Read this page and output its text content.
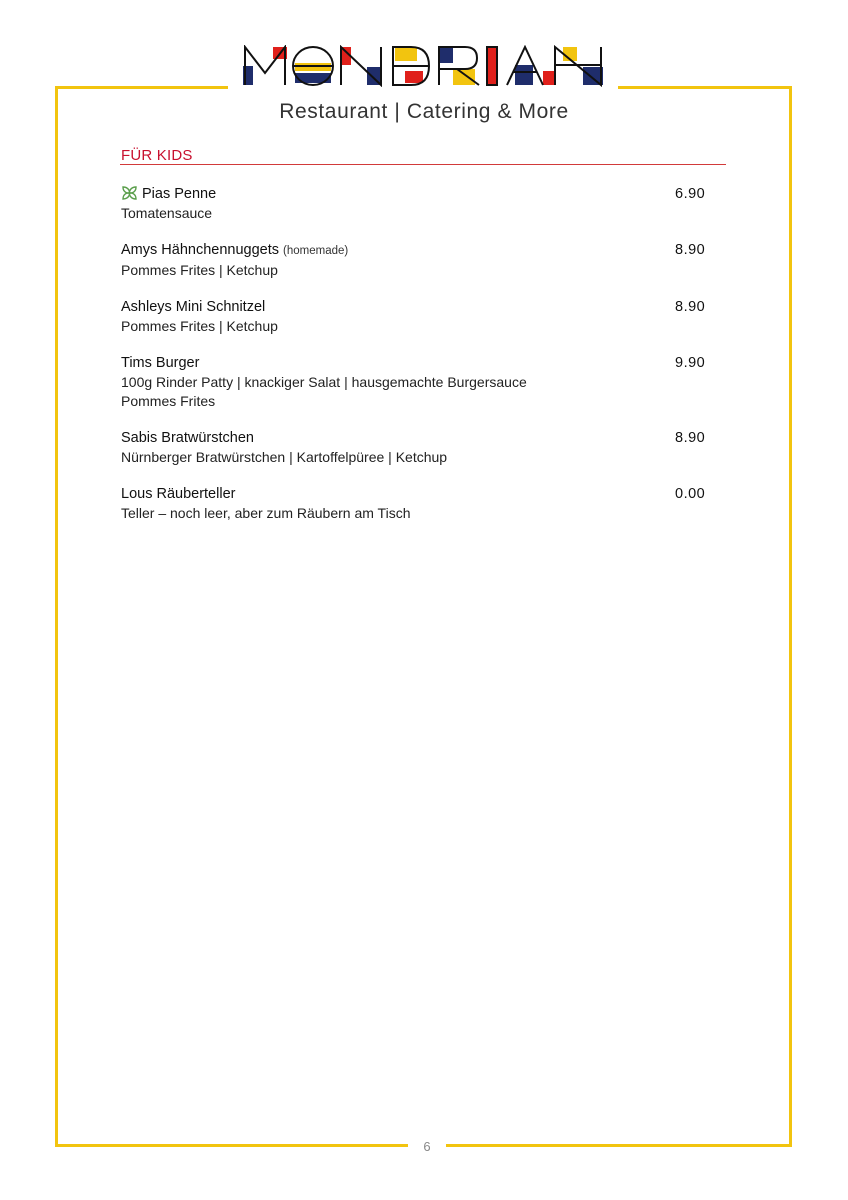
Restaurant | Catering & More
FÜR KIDS
Pias Penne
Tomatensauce
6.90
Amys Hähnchennuggets (homemade)
Pommes Frites | Ketchup
8.90
Ashleys Mini Schnitzel
Pommes Frites | Ketchup
8.90
Tims Burger
100g Rinder Patty | knackiger Salat | hausgemachte Burgersauce
Pommes Frites
9.90
Sabis Bratwürstchen
Nürnberger Bratwürstchen | Kartoffelpüree | Ketchup
8.90
Lous Räuberteller
Teller – noch leer, aber zum Räubern am Tisch
0.00
6
